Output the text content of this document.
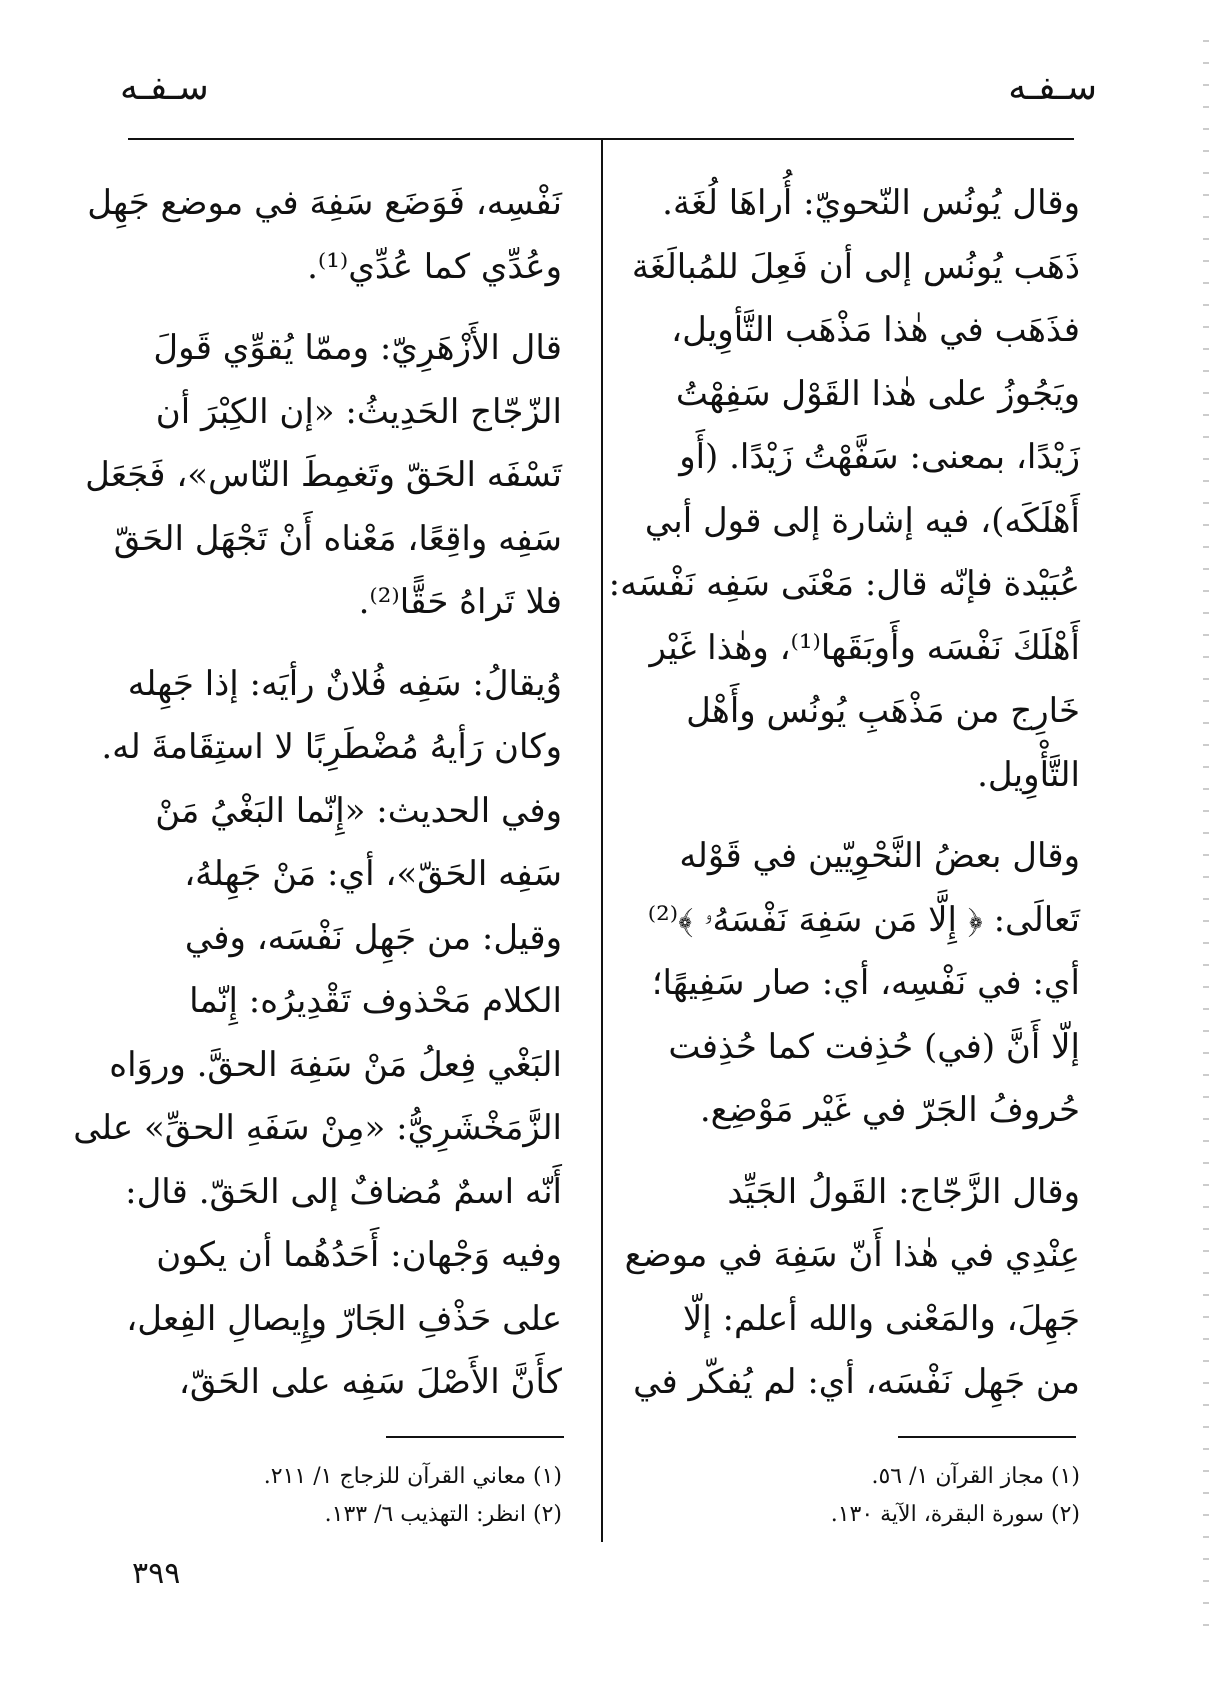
سـفـه
سـفـه

وقال يُونُس النّحويّ: أُراهَا لُغَة.
ذَهَب يُونُس إلى أن فَعِلَ للمُبالَغَة
فذَهَب في هٰذا مَذْهَب التَّأوِيل،
ويَجُوزُ على هٰذا القَوْل سَفِهْتُ
زَيْدًا، بمعنى: سَفَّهْتُ زَيْدًا. (أَو
أَهْلَكَه)، فيه إشارة إلى قول أبي
عُبَيْدة فإنّه قال: مَعْنَى سَفِه نَفْسَه:
أَهْلَكَ نَفْسَه وأَوبَقَها⁽¹⁾، وهٰذا غَيْر
خَارِج من مَذْهَبِ يُونُس وأَهْل
التَّأْوِيل.

وقال بعضُ النَّحْوِيّين في قَوْله
تَعالَى: ﴿ إِلَّا مَن سَفِهَ نَفْسَهُۥ ﴾⁽²⁾
أي: في نَفْسِه، أي: صار سَفِيهًا؛
إلّا أَنَّ (في) حُذِفت كما حُذِفت
حُروفُ الجَرّ في غَيْر مَوْضِع.

وقال الزَّجّاج: القَولُ الجَيِّد
عِنْدِي في هٰذا أَنّ سَفِهَ في موضع
جَهِلَ، والمَعْنى والله أعلم: إلّا
من جَهِل نَفْسَه، أي: لم يُفكّر في

نَفْسِه، فَوَضَع سَفِهَ في موضع جَهِل
وعُدِّي كما عُدِّي⁽¹⁾.

قال الأَزْهَرِيّ: وممّا يُقوِّي قَولَ
الزّجّاج الحَدِيثُ: «إن الكِبْرَ أن
تَسْفَه الحَقّ وتَغمِطَ النّاس»، فَجَعَل
سَفِه واقِعًا، مَعْناه أَنْ تَجْهَل الحَقّ
فلا تَراهُ حَقًّا⁽²⁾.

وُيقالُ: سَفِه فُلانٌ رأيَه: إذا جَهِله
وكان رَأيهُ مُضْطَرِبًا لا استِقَامةَ له.
وفي الحديث: «إِنّما البَغْيُ مَنْ
سَفِه الحَقّ»، أي: مَنْ جَهِلهُ،
وقيل: من جَهِل نَفْسَه، وفي
الكلام مَحْذوف تَقْدِيرُه: إِنّما
البَغْي فِعلُ مَنْ سَفِهَ الحقَّ. وروَاه
الزَّمَخْشَرِيُّ: «مِنْ سَفَهِ الحقِّ» على
أَنّه اسمٌ مُضافٌ إلى الحَقّ. قال:
وفيه وَجْهان: أَحَدُهُما أن يكون
على حَذْفِ الجَارّ وإِيصالِ الفِعل،
كأَنَّ الأَصْلَ سَفِه على الحَقّ،

(١) مجاز القرآن ١/ ٥٦.
(٢) سورة البقرة، الآية ١٣٠.
(١) معاني القرآن للزجاج ١/ ٢١١.
(٢) انظر: التهذيب ٦/ ١٣٣.
٣٩٩
